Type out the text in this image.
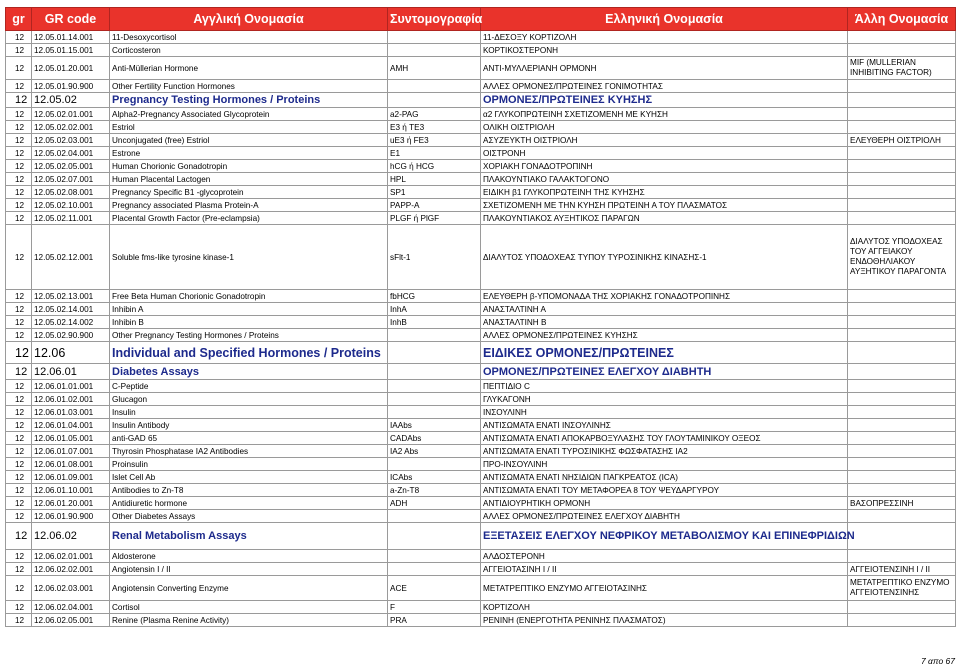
gr	GR code	Αγγλική Ονομασία	Συντομογραφία	Ελληνική Ονομασία	Άλλη Ονομασία
12	12.05.01.14.001	11-Desoxycortisol		11-ΔΕΣΟΞΥ ΚΟΡΤΙΖΟΛΗ	
12	12.05.01.15.001	Corticosteron		ΚΟΡΤΙΚΟΣΤΕΡΟΝΗ	
12	12.05.01.20.001	Anti-Müllerian Hormone	AMH	ΑΝΤΙ-ΜΥΛΛΕΡΙΑΝΗ ΟΡΜΟΝΗ	MIF (MULLERIAN INHIBITING FACTOR)
12	12.05.01.90.900	Other Fertility Function Hormones		ΑΛΛΕΣ ΟΡΜΟΝΕΣ/ΠΡΩΤΕΙΝΕΣ ΓΟΝΙΜΟΤΗΤΑΣ	
12	12.05.02	Pregnancy Testing Hormones / Proteins		ΟΡΜΟΝΕΣ/ΠΡΩΤΕΙΝΕΣ ΚΥΗΣΗΣ	
12	12.05.02.01.001	Alpha2-Pregnancy Associated Glycoprotein	a2-PAG	α2 ΓΛΥΚΟΠΡΩΤΕΙΝΗ ΣΧΕΤΙΖΟΜΕΝΗ ΜΕ ΚΥΗΣΗ	
12	12.05.02.02.001	Estriol	E3 ή TE3	ΟΛΙΚΗ ΟΙΣΤΡΙΟΛΗ	
12	12.05.02.03.001	Unconjugated (free) Estriol	uE3 ή FE3	ΑΣΥΖΕΥΚΤΗ ΟΙΣΤΡΙΟΛΗ	ΕΛΕΥΘΕΡΗ ΟΙΣΤΡΙΟΛΗ
12	12.05.02.04.001	Estrone	E1	ΟΙΣΤΡΟΝΗ	
12	12.05.02.05.001	Human Chorionic Gonadotropin	hCG ή HCG	ΧΟΡΙΑΚΗ ΓΟΝΑΔΟΤΡΟΠΙΝΗ	
12	12.05.02.07.001	Human Placental Lactogen	HPL	ΠΛΑΚΟΥΝΤΙΑΚΟ ΓΑΛΑΚΤΟΓΟΝΟ	
12	12.05.02.08.001	Pregnancy Specific B1 -glycoprotein	SP1	ΕΙΔΙΚΗ β1 ΓΛΥΚΟΠΡΩΤΕΙΝΗ ΤΗΣ ΚΥΗΣΗΣ	
12	12.05.02.10.001	Pregnancy associated Plasma Protein-A	PAPP-A	ΣΧΕΤΙΖΟΜΕΝΗ ΜΕ ΤΗΝ ΚΥΗΣΗ ΠΡΩΤΕΙΝΗ Α ΤΟΥ ΠΛΑΣΜΑΤΟΣ	
12	12.05.02.11.001	Placental Growth Factor (Pre-eclampsia)	PLGF ή PlGF	ΠΛΑΚΟΥΝΤΙΑΚΟΣ ΑΥΞΗΤΙΚΟΣ ΠΑΡΑΓΩΝ	
12	12.05.02.12.001	Soluble fms-like tyrosine kinase-1	sFlt-1	ΔΙΑΛΥΤΟΣ ΥΠΟΔΟΧΕΑΣ ΤΥΠΟΥ ΤΥΡΟΣΙΝΙΚΗΣ ΚΙΝΑΣΗΣ-1	ΔΙΑΛΥΤΟΣ ΥΠΟΔΟΧΕΑΣ ΤΟΥ ΑΓΓΕΙΑΚΟΥ ΕΝΔΟΘΗΛΙΑΚΟΥ ΑΥΞΗΤΙΚΟΥ ΠΑΡΑΓΟΝΤΑ
12	12.05.02.13.001	Free Beta Human Chorionic Gonadotropin	fbHCG	ΕΛΕΥΘΕΡΗ β-ΥΠΟΜΟΝΑΔΑ ΤΗΣ ΧΟΡΙΑΚΗΣ ΓΟΝΑΔΟΤΡΟΠΙΝΗΣ	
12	12.05.02.14.001	Inhibin A	InhA	ΑΝΑΣΤΑΛΤΙΝΗ Α	
12	12.05.02.14.002	Inhibin B	InhB	ΑΝΑΣΤΑΛΤΙΝΗ Β	
12	12.05.02.90.900	Other Pregnancy Testing Hormones / Proteins		ΑΛΛΕΣ ΟΡΜΟΝΕΣ/ΠΡΩΤΕΙΝΕΣ ΚΥΗΣΗΣ	
12	12.06	Individual and Specified Hormones / Proteins		ΕΙΔΙΚΕΣ ΟΡΜΟΝΕΣ/ΠΡΩΤΕΙΝΕΣ	
12	12.06.01	Diabetes Assays		ΟΡΜΟΝΕΣ/ΠΡΩΤΕΙΝΕΣ ΕΛΕΓΧΟΥ ΔΙΑΒΗΤΗ	
12	12.06.01.01.001	C-Peptide		ΠΕΠΤΙΔΙΟ C	
12	12.06.01.02.001	Glucagon		ΓΛΥΚΑΓΟΝΗ	
12	12.06.01.03.001	Insulin		ΙΝΣΟΥΛΙΝΗ	
12	12.06.01.04.001	Insulin Antibody	IAAbs	ΑΝΤΙΣΩΜΑΤΑ ΕΝΑΤΙ ΙΝΣΟΥΛΙΝΗΣ	
12	12.06.01.05.001	anti-GAD 65	CADAbs	ΑΝΤΙΣΩΜΑΤΑ ΕΝΑΤΙ ΑΠΟΚΑΡΒΟΞΥΛΑΣΗΣ ΤΟΥ ΓΛΟΥΤΑΜΙΝΙΚΟΥ ΟΞΕΟΣ	
12	12.06.01.07.001	Thyrosin Phosphatase IA2 Antibodies	IA2 Abs	ΑΝΤΙΣΩΜΑΤΑ ΕΝΑΤΙ ΤΥΡΟΣΙΝΙΚΗΣ ΦΩΣΦΑΤΑΣΗΣ ΙΑ2	
12	12.06.01.08.001	Proinsulin		ΠΡΟ-ΙΝΣΟΥΛΙΝΗ	
12	12.06.01.09.001	Islet Cell Ab	ICAbs	ΑΝΤΙΣΩΜΑΤΑ ΕΝΑΤΙ ΝΗΣΙΔΙΩΝ ΠΑΓΚΡΕΑΤΟΣ (ICA)	
12	12.06.01.10.001	Antibodies to Zn-T8	a-Zn-T8	ΑΝΤΙΣΩΜΑΤΑ ΕΝΑΤΙ ΤΟΥ ΜΕΤΑΦΟΡΕΑ 8 ΤΟΥ ΨΕΥΔΑΡΓΥΡΟΥ	
12	12.06.01.20.001	Antidiuretic hormone	ADH	ΑΝΤΙΔΙΟΥΡΗΤΙΚΗ ΟΡΜΟΝΗ	ΒΑΣΟΠΡΕΣΣΙΝΗ
12	12.06.01.90.900	Other Diabetes Assays		ΑΛΛΕΣ ΟΡΜΟΝΕΣ/ΠΡΩΤΕΙΝΕΣ ΕΛΕΓΧΟΥ ΔΙΑΒΗΤΗ	
12	12.06.02	Renal Metabolism Assays		ΕΞΕΤΑΣΕΙΣ ΕΛΕΓΧΟΥ ΝΕΦΡΙΚΟΥ ΜΕΤΑΒΟΛΙΣΜΟΥ ΚΑΙ ΕΠΙΝΕΦΡΙΔΙΩΝ	
12	12.06.02.01.001	Aldosterone		ΑΛΔΟΣΤΕΡΟΝΗ	
12	12.06.02.02.001	Angiotensin I / II		ΑΓΓΕΙΟΤΑΣΙΝΗ I / II	ΑΓΓΕΙΟΤΕΝΣΙΝΗ I / II
12	12.06.02.03.001	Angiotensin Converting Enzyme	ACE	ΜΕΤΑΤΡΕΠΤΙΚΟ ΕΝΖΥΜΟ ΑΓΓΕΙΟΤΑΣΙΝΗΣ	ΜΕΤΑΤΡΕΠΤΙΚΟ ΕΝΖΥΜΟ ΑΓΓΕΙΟΤΕΝΣΙΝΗΣ
12	12.06.02.04.001	Cortisol	F	ΚΟΡΤΙΖΟΛΗ	
12	12.06.02.05.001	Renine (Plasma Renine Activity)	PRA	ΡΕΝΙΝΗ (ΕΝΕΡΓΟΤΗΤΑ ΡΕΝΙΝΗΣ ΠΛΑΣΜΑΤΟΣ)	
7 απο 67
